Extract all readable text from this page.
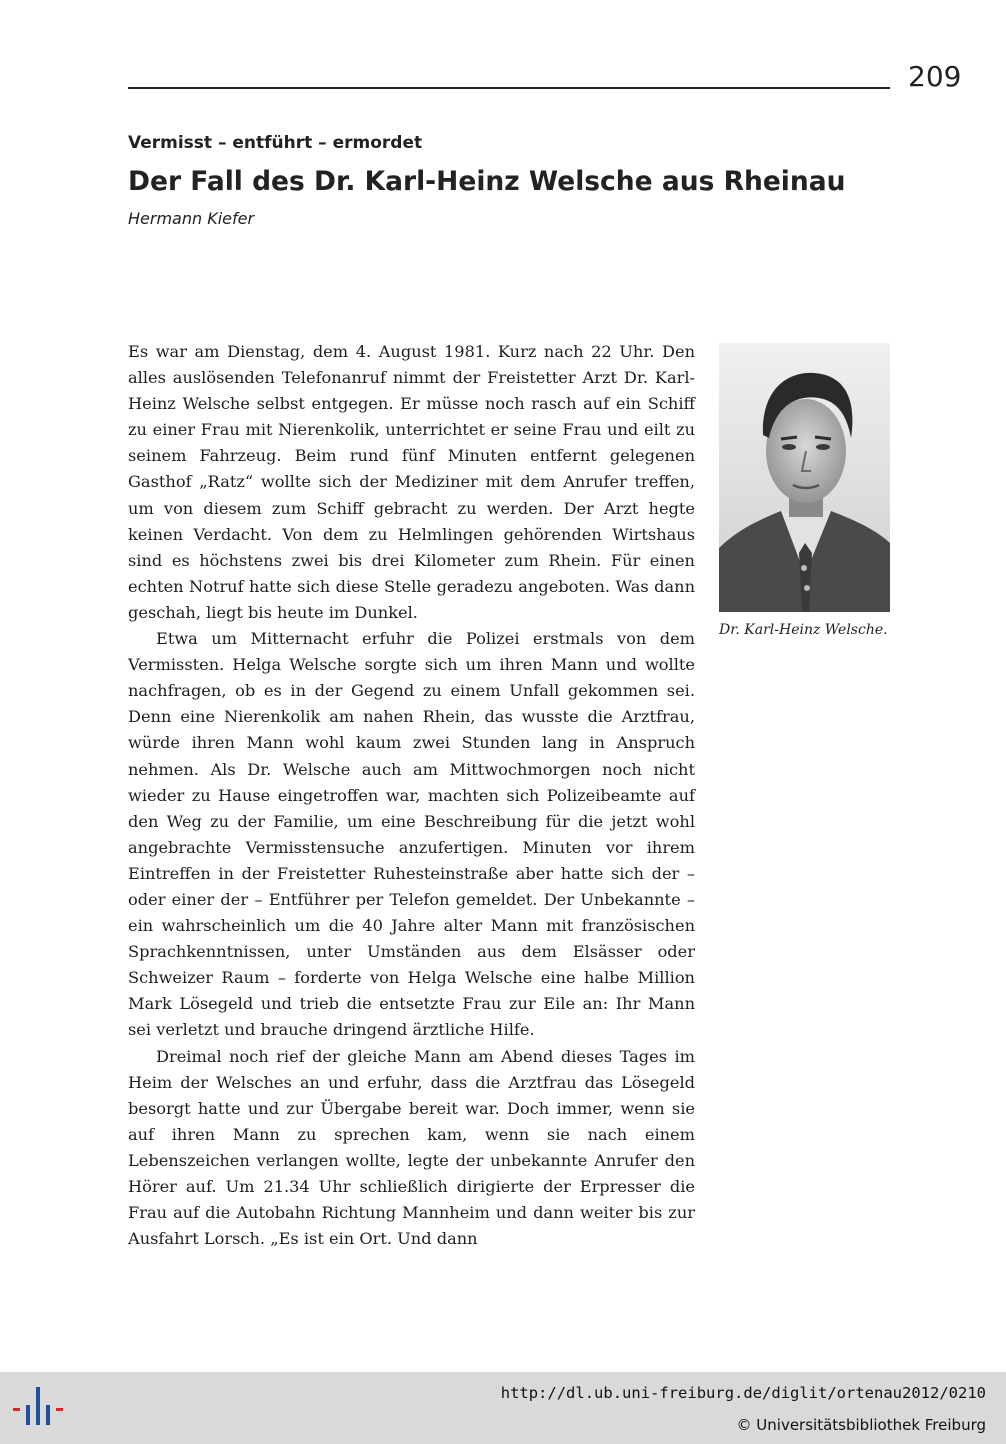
209
Vermisst – entführt – ermordet
Der Fall des Dr. Karl-Heinz Welsche aus Rheinau
Hermann Kiefer

Es war am Dienstag, dem 4. August 1981. Kurz nach 22 Uhr. Den alles auslösenden Telefonanruf nimmt der Freistetter Arzt Dr. Karl-Heinz Welsche selbst entgegen. Er müsse noch rasch auf ein Schiff zu einer Frau mit Nierenkolik, unterrichtet er seine Frau und eilt zu seinem Fahrzeug. Beim rund fünf Minuten entfernt gelegenen Gasthof „Ratz“ wollte sich der Mediziner mit dem Anrufer treffen, um von diesem zum Schiff gebracht zu werden. Der Arzt hegte keinen Verdacht. Von dem zu Helmlingen gehörenden Wirtshaus sind es höchstens zwei bis drei Kilometer zum Rhein. Für einen echten Notruf hatte sich diese Stelle geradezu angeboten. Was dann geschah, liegt bis heute im Dunkel.

Etwa um Mitternacht erfuhr die Polizei erstmals von dem Vermissten. Helga Welsche sorgte sich um ihren Mann und wollte nachfragen, ob es in der Gegend zu einem Unfall gekommen sei. Denn eine Nierenkolik am nahen Rhein, das wusste die Arztfrau, würde ihren Mann wohl kaum zwei Stunden lang in Anspruch nehmen. Als Dr. Welsche auch am Mittwochmorgen noch nicht wieder zu Hause eingetroffen war, machten sich Polizeibeamte auf den Weg zu der Familie, um eine Beschreibung für die jetzt wohl angebrachte Vermisstensuche anzufertigen. Minuten vor ihrem Eintreffen in der Freistetter Ruhesteinstraße aber hatte sich der – oder einer der – Entführer per Telefon gemeldet. Der Unbekannte – ein wahrscheinlich um die 40 Jahre alter Mann mit französischen Sprachkenntnissen, unter Umständen aus dem Elsässer oder Schweizer Raum – forderte von Helga Welsche eine halbe Million Mark Lösegeld und trieb die entsetzte Frau zur Eile an: Ihr Mann sei verletzt und brauche dringend ärztliche Hilfe.

Dreimal noch rief der gleiche Mann am Abend dieses Tages im Heim der Welsches an und erfuhr, dass die Arztfrau das Lösegeld besorgt hatte und zur Übergabe bereit war. Doch immer, wenn sie auf ihren Mann zu sprechen kam, wenn sie nach einem Lebenszeichen verlangen wollte, legte der unbekannte Anrufer den Hörer auf. Um 21.34 Uhr schließlich dirigierte der Erpresser die Frau auf die Autobahn Richtung Mannheim und dann weiter bis zur Ausfahrt Lorsch. „Es ist ein Ort. Und dann

Dr. Karl-Heinz Welsche.
http://dl.ub.uni-freiburg.de/diglit/ortenau2012/0210
© Universitätsbibliothek Freiburg
